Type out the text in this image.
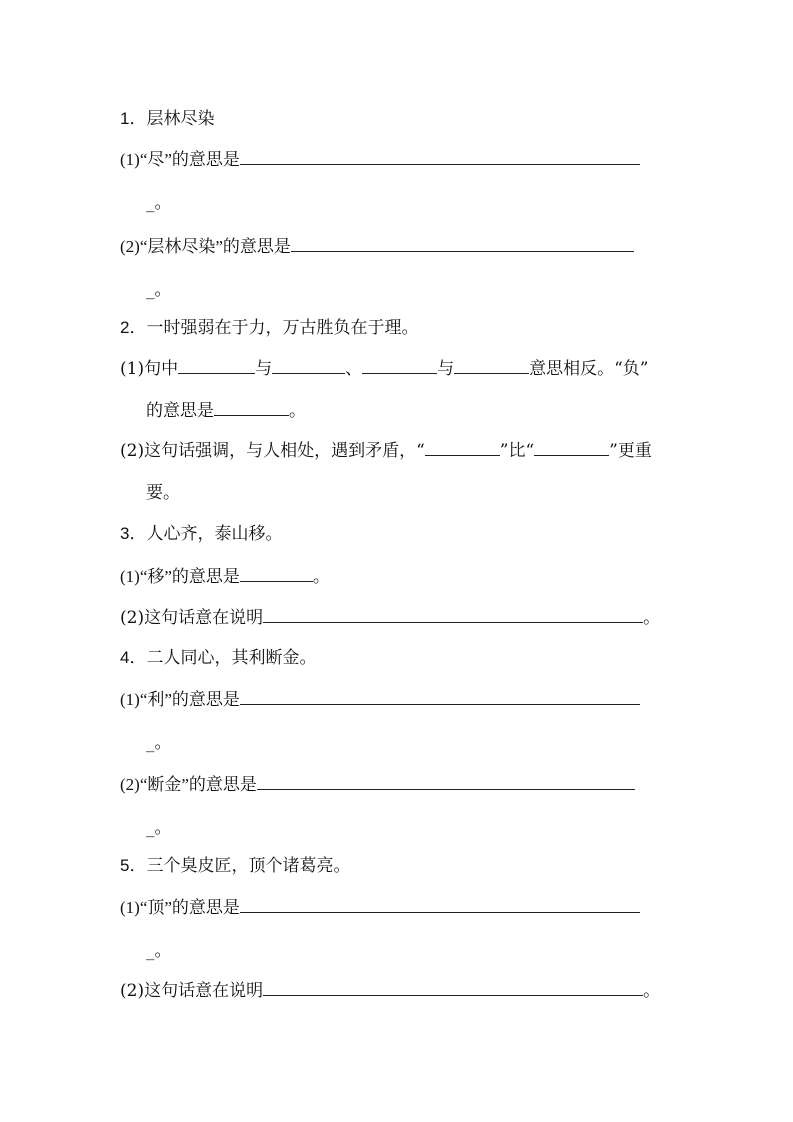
1．层林尽染
(1)“尽”的意思是
_。
(2)“层林尽染”的意思是
_。
2．一时强弱在于力，万古胜负在于理。
(1)句中	与	、	与	意思相反。“负”
的意思是	。
(2)这句话强调，与人相处，遇到矛盾，“	”比“	”更重
要。
3．人心齐，泰山移。
(1)“移”的意思是	。
(2)这句话意在说明	。
4．二人同心，其利断金。
(1)“利”的意思是
_。
(2)“断金”的意思是
_。
5．三个臭皮匠，顶个诸葛亮。
(1)“顶”的意思是
_。
(2)这句话意在说明	。
